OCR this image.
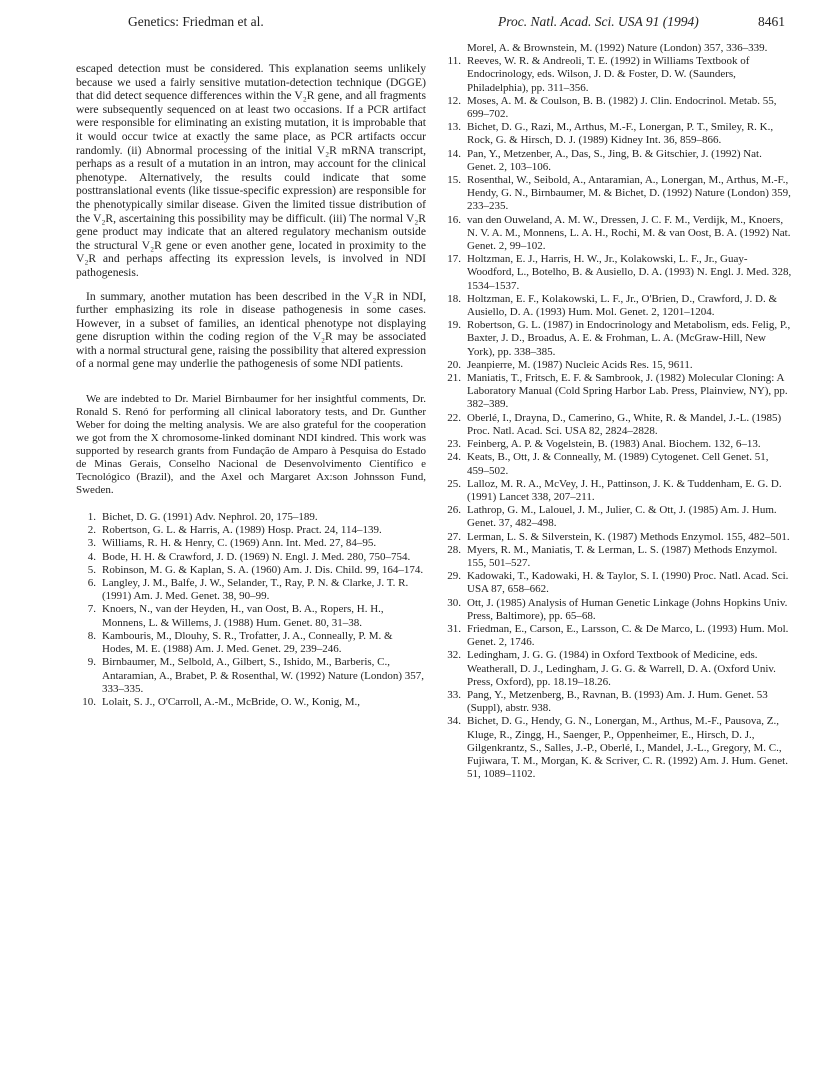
Genetics: Friedman et al.	Proc. Natl. Acad. Sci. USA 91 (1994)	8461

escaped detection must be considered. This explanation seems unlikely because we used a fairly sensitive mutation-detection technique (DGGE) that did detect sequence differences within the V₂R gene, and all fragments were subsequently sequenced on at least two occasions. If a PCR artifact were responsible for eliminating an existing mutation, it is improbable that it would occur twice at exactly the same place, as PCR artifacts occur randomly. (ii) Abnormal processing of the initial V₂R mRNA transcript, perhaps as a result of a mutation in an intron, may account for the clinical phenotype. Alternatively, the results could indicate that some posttranslational events (like tissue-specific expression) are responsible for the phenotypically similar disease. Given the limited tissue distribution of the V₂R, ascertaining this possibility may be difficult. (iii) The normal V₂R gene product may indicate that an altered regulatory mechanism outside the structural V₂R gene or even another gene, located in proximity to the V₂R and perhaps affecting its expression levels, is involved in NDI pathogenesis.

In summary, another mutation has been described in the V₂R in NDI, further emphasizing its role in disease pathogenesis in some cases. However, in a subset of families, an identical phenotype not displaying gene disruption within the coding region of the V₂R may be associated with a normal structural gene, raising the possibility that altered expression of a normal gene may underlie the pathogenesis of some NDI patients.

We are indebted to Dr. Mariel Birnbaumer for her insightful comments, Dr. Ronald S. Renó for performing all clinical laboratory tests, and Dr. Gunther Weber for doing the melting analysis. We are also grateful for the cooperation we got from the X chromosome-linked dominant NDI kindred. This work was supported by research grants from Fundação de Amparo à Pesquisa do Estado de Minas Gerais, Conselho Nacional de Desenvolvimento Científico e Tecnológico (Brazil), and the Axel och Margaret Ax:son Johnsson Fund, Sweden.

1. Bichet, D. G. (1991) Adv. Nephrol. 20, 175–189.
2. Robertson, G. L. & Harris, A. (1989) Hosp. Pract. 24, 114–139.
3. Williams, R. H. & Henry, C. (1969) Ann. Int. Med. 27, 84–95.
4. Bode, H. H. & Crawford, J. D. (1969) N. Engl. J. Med. 280, 750–754.
5. Robinson, M. G. & Kaplan, S. A. (1960) Am. J. Dis. Child. 99, 164–174.
6. Langley, J. M., Balfe, J. W., Selander, T., Ray, P. N. & Clarke, J. T. R. (1991) Am. J. Med. Genet. 38, 90–99.
7. Knoers, N., van der Heyden, H., van Oost, B. A., Ropers, H. H., Monnens, L. & Willems, J. (1988) Hum. Genet. 80, 31–38.
8. Kambouris, M., Dlouhy, S. R., Trofatter, J. A., Conneally, P. M. & Hodes, M. E. (1988) Am. J. Med. Genet. 29, 239–246.
9. Birnbaumer, M., Selbold, A., Gilbert, S., Ishido, M., Barberis, C., Antaramian, A., Brabet, P. & Rosenthal, W. (1992) Nature (London) 357, 333–335.
10. Lolait, S. J., O'Carroll, A.-M., McBride, O. W., Konig, M.,
Morel, A. & Brownstein, M. (1992) Nature (London) 357, 336–339.
11. Reeves, W. R. & Andreoli, T. E. (1992) in Williams Textbook of Endocrinology, eds. Wilson, J. D. & Foster, D. W. (Saunders, Philadelphia), pp. 311–356.
12. Moses, A. M. & Coulson, B. B. (1982) J. Clin. Endocrinol. Metab. 55, 699–702.
13. Bichet, D. G., Razi, M., Arthus, M.-F., Lonergan, P. T., Smiley, R. K., Rock, G. & Hirsch, D. J. (1989) Kidney Int. 36, 859–866.
14. Pan, Y., Metzenber, A., Das, S., Jing, B. & Gitschier, J. (1992) Nat. Genet. 2, 103–106.
15. Rosenthal, W., Seibold, A., Antaramian, A., Lonergan, M., Arthus, M.-F., Hendy, G. N., Birnbaumer, M. & Bichet, D. (1992) Nature (London) 359, 233–235.
16. van den Ouweland, A. M. W., Dressen, J. C. F. M., Verdijk, M., Knoers, N. V. A. M., Monnens, L. A. H., Rochi, M. & van Oost, B. A. (1992) Nat. Genet. 2, 99–102.
17. Holtzman, E. J., Harris, H. W., Jr., Kolakowski, L. F., Jr., Guay-Woodford, L., Botelho, B. & Ausiello, D. A. (1993) N. Engl. J. Med. 328, 1534–1537.
18. Holtzman, E. F., Kolakowski, L. F., Jr., O'Brien, D., Crawford, J. D. & Ausiello, D. A. (1993) Hum. Mol. Genet. 2, 1201–1204.
19. Robertson, G. L. (1987) in Endocrinology and Metabolism, eds. Felig, P., Baxter, J. D., Broadus, A. E. & Frohman, L. A. (McGraw-Hill, New York), pp. 338–385.
20. Jeanpierre, M. (1987) Nucleic Acids Res. 15, 9611.
21. Maniatis, T., Fritsch, E. F. & Sambrook, J. (1982) Molecular Cloning: A Laboratory Manual (Cold Spring Harbor Lab. Press, Plainview, NY), pp. 382–389.
22. Oberlé, I., Drayna, D., Camerino, G., White, R. & Mandel, J.-L. (1985) Proc. Natl. Acad. Sci. USA 82, 2824–2828.
23. Feinberg, A. P. & Vogelstein, B. (1983) Anal. Biochem. 132, 6–13.
24. Keats, B., Ott, J. & Conneally, M. (1989) Cytogenet. Cell Genet. 51, 459–502.
25. Lalloz, M. R. A., McVey, J. H., Pattinson, J. K. & Tuddenham, E. G. D. (1991) Lancet 338, 207–211.
26. Lathrop, G. M., Lalouel, J. M., Julier, C. & Ott, J. (1985) Am. J. Hum. Genet. 37, 482–498.
27. Lerman, L. S. & Silverstein, K. (1987) Methods Enzymol. 155, 482–501.
28. Myers, R. M., Maniatis, T. & Lerman, L. S. (1987) Methods Enzymol. 155, 501–527.
29. Kadowaki, T., Kadowaki, H. & Taylor, S. I. (1990) Proc. Natl. Acad. Sci. USA 87, 658–662.
30. Ott, J. (1985) Analysis of Human Genetic Linkage (Johns Hopkins Univ. Press, Baltimore), pp. 65–68.
31. Friedman, E., Carson, E., Larsson, C. & De Marco, L. (1993) Hum. Mol. Genet. 2, 1746.
32. Ledingham, J. G. G. (1984) in Oxford Textbook of Medicine, eds. Weatherall, D. J., Ledingham, J. G. G. & Warrell, D. A. (Oxford Univ. Press, Oxford), pp. 18.19–18.26.
33. Pang, Y., Metzenberg, B., Ravnan, B. (1993) Am. J. Hum. Genet. 53 (Suppl), abstr. 938.
34. Bichet, D. G., Hendy, G. N., Lonergan, M., Arthus, M.-F., Pausova, Z., Kluge, R., Zingg, H., Saenger, P., Oppenheimer, E., Hirsch, D. J., Gilgenkrantz, S., Salles, J.-P., Oberlé, I., Mandel, J.-L., Gregory, M. C., Fujiwara, T. M., Morgan, K. & Scriver, C. R. (1992) Am. J. Hum. Genet. 51, 1089–1102.
